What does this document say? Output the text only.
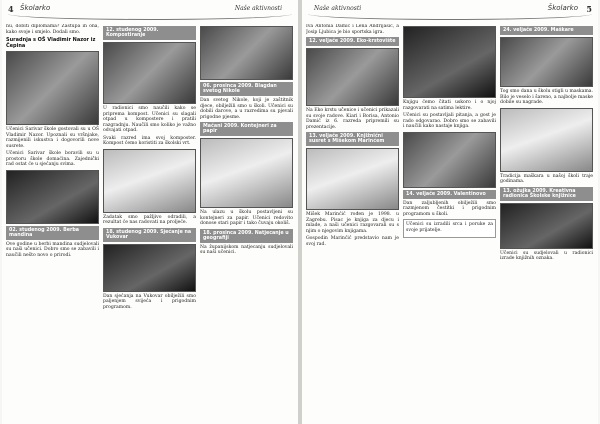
4 Školarko	Naše aktivnosti

nu, dobiti diplomama? Zastupa ih ona, kako svoje i smjelo. Dodali smo.

Suradnja s OŠ Vladimir Nazor iz Čepina

Učenici Sarivar škole gostovali su u OŠ Vladimir Nazor. Upoznali su vršnjake, razmijenili iskustva i dogovorili nove susrete.

Učenici Sarivar škole boravili su u prostoru škole domaćina. Zajednički rad ostat će u sjećanju svima.

02. studenog 2009. Berba mandina

Ove godine u berbi mandina sudjelovali su naši učenici. Dobro smo se zabavili i naučili nešto novo o prirodi.

12. studenog 2009. Kompostiranje

U radionici smo naučili kako se priprema kompost. Učenici su slagali otpad u kompostere i pratili razgradnju. Naučili smo koliko je važno odvajati otpad.

Svaki razred ima svoj komposter. Kompost ćemo koristiti za školski vrt.

Zadatak smo pažljivo odradili, a rezultat će nas radovati na proljeće.

18. studenog 2009. Sjećanje na Vukovar

Dan sjećanja na Vukovar obilježili smo paljenjem svijeća i prigodnim programom.

06. prosinca 2009. Blagdan svetog Nikole

Dan svetog Nikole, koji je zaštitnik djece, obilježili smo u školi. Učenici su dobili darove, a u razredima su pjevali prigodne pjesme.

Mačani 2009. Kontejneri za papir

Na ulazu u školu postavljeni su kontejneri za papir. Učenici redovito donose stari papir i tako čuvaju okoliš.

18. prosinca 2009. Natjecanje u geografiji

Na županijskom natjecanju sudjelovali su naši učenici.

Naše aktivnosti	Školarko 5

Iva Antonia Damić i Lena Andrijašić, a Josip Ljubica je bio sportska igra.

12. veljače 2009. Eko-krstovište

Na Eko krstu učenice i učenici prikazali su svoje radove. Kiari i Borisa, Antonio Damić iz 6. razreda pripremili su prezentacije.

13. veljače 2009. Knjižnični susret s Mišekom Marinćem

Mišek Marinćić rođen je 1998. u Zagrebu. Pisac je knjiga za djecu i mlade, a naši učenici razgovarali su s njim o njegovim knjigama.

Gospodin Marinćić predstavio nam je svoj rad.

Knjigu ćemo čitati uskoro i o njoj razgovarati na satima lektire.

Učenici su postavljali pitanja, a gost je rado odgovarao. Dobro smo se zabavili i naučili kako nastaje knjiga.

14. veljače 2009. Valentinovo

Dan zaljubljenih obilježili smo razmjenom čestitki i prigodnim programom u školi.

Učenici su izradili srca i poruke za svoje prijatelje.

24. veljače 2009. Maškare

Tog smo dana u školu stigli u maskama. Bilo je veselo i šareno, a najbolje maske dobile su nagrade.

Tradicija maškara u našoj školi traje godinama.

13. ožujka 2009. Kreativna radionica Školske knjižnice

Učenici su sudjelovali u radionici izrade knjižnih oznaka.
